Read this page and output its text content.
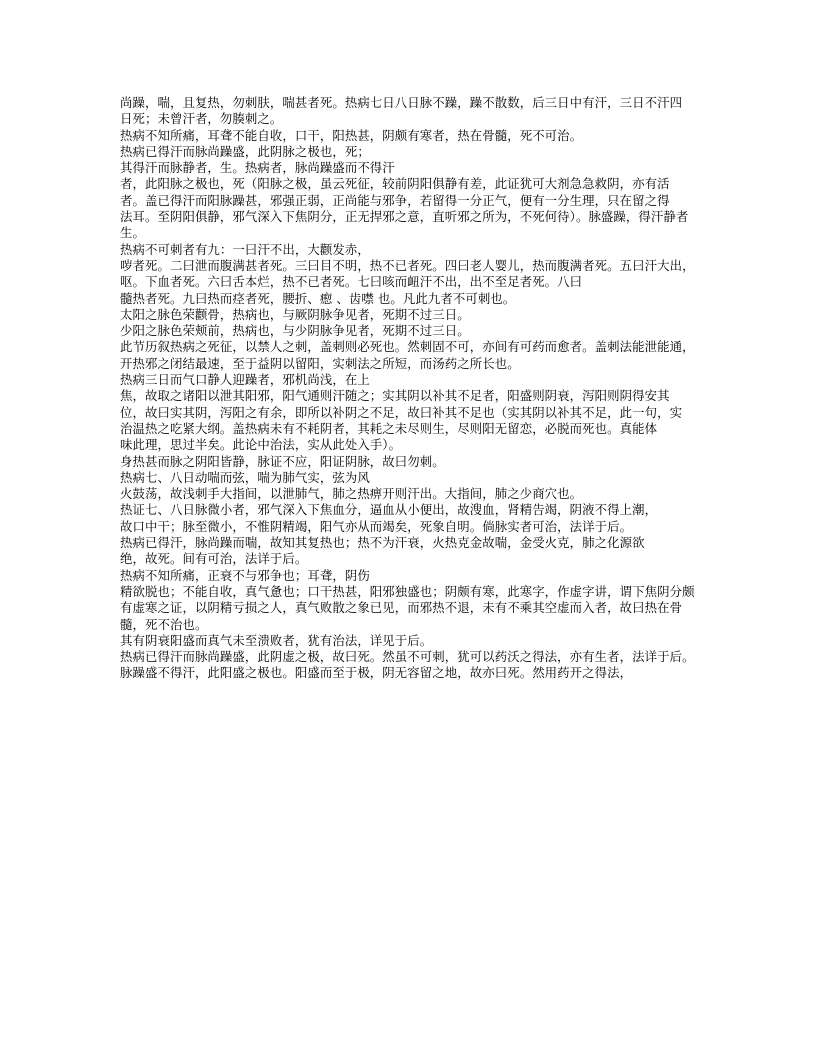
尚躁，喘，且复热，勿刺肤，喘甚者死。热病七日八日脉不躁，躁不散数，后三日中有汗，三日不汗四

日死；未曾汗者，勿腠刺之。

热病不知所痛，耳聋不能自收，口干，阳热甚，阴颇有寒者，热在骨髓，死不可治。

热病已得汗而脉尚躁盛，此阴脉之极也，死；

其得汗而脉静者，生。热病者，脉尚躁盛而不得汗

者，此阳脉之极也，死（阳脉之极，虽云死征，较前阴阳俱静有差，此证犹可大剂急急救阴，亦有活

者。盖已得汗而阳脉躁甚，邪强正弱，正尚能与邪争，若留得一分正气，便有一分生理，只在留之得

法耳。至阴阳俱静，邪气深入下焦阴分，正无捍邪之意，直听邪之所为，不死何待）。脉盛躁，得汗静者生。

热病不可刺者有九：一曰汗不出，大颧发赤，

哕者死。二曰泄而腹满甚者死。三曰目不明，热不已者死。四曰老人婴儿，热而腹满者死。五曰汗大出，呕。下血者死。六曰舌本烂，热不已者死。七曰咳而衄汗不出，出不至足者死。八曰

髓热者死。九曰热而痉者死，腰折、瘛 、齿噤 也。凡此九者不可刺也。

太阳之脉色荣颧骨，热病也，与厥阴脉争见者，死期不过三日。

少阳之脉色荣颊前，热病也，与少阴脉争见者，死期不过三日。

此节历叙热病之死征，以禁人之刺，盖刺则必死也。然刺固不可，亦间有可药而愈者。盖刺法能泄能通，开热邪之闭结最速，至于益阴以留阳，实刺法之所短，而汤药之所长也。

热病三日而气口静人迎躁者，邪机尚浅，在上

焦，故取之诸阳以泄其阳邪，阳气通则汗随之；实其阴以补其不足者，阳盛则阴衰，泻阳则阴得安其

位，故曰实其阴，泻阳之有余，即所以补阴之不足，故曰补其不足也（实其阴以补其不足，此一句，实

治温热之吃紧大纲。盖热病未有不耗阴者，其耗之未尽则生，尽则阳无留恋，必脱而死也。真能体

味此理，思过半矣。此论中治法，实从此处入手）。

身热甚而脉之阴阳皆静，脉证不应，阳证阴脉，故曰勿刺。

热病七、八日动喘而弦，喘为肺气实，弦为风

火鼓荡，故浅刺手大指间，以泄肺气，肺之热痹开则汗出。大指间，肺之少商穴也。

热证七、八日脉微小者，邪气深入下焦血分，逼血从小便出，故溲血，肾精告竭，阴液不得上潮，

故口中干；脉至微小，不惟阴精竭，阳气亦从而竭矣，死象自明。倘脉实者可治，法详于后。

热病已得汗，脉尚躁而喘，故知其复热也；热不为汗衰，火热克金故喘，金受火克，肺之化源欲

绝，故死。间有可治，法详于后。

热病不知所痛，正衰不与邪争也；耳聋，阴伤

精欲脱也；不能自收，真气惫也；口干热甚，阳邪独盛也；阴颇有寒，此寒字，作虚字讲，谓下焦阴分颇

有虚寒之证，以阴精亏损之人，真气败散之象已见，而邪热不退，未有不乘其空虚而入者，故曰热在骨髓，死不治也。

其有阴衰阳盛而真气未至溃败者，犹有治法，详见于后。

热病已得汗而脉尚躁盛，此阴虚之极，故曰死。然虽不可刺，犹可以药沃之得法，亦有生者，法详于后。

脉躁盛不得汗，此阳盛之极也。阳盛而至于极，阴无容留之地，故亦曰死。然用药开之得法，
